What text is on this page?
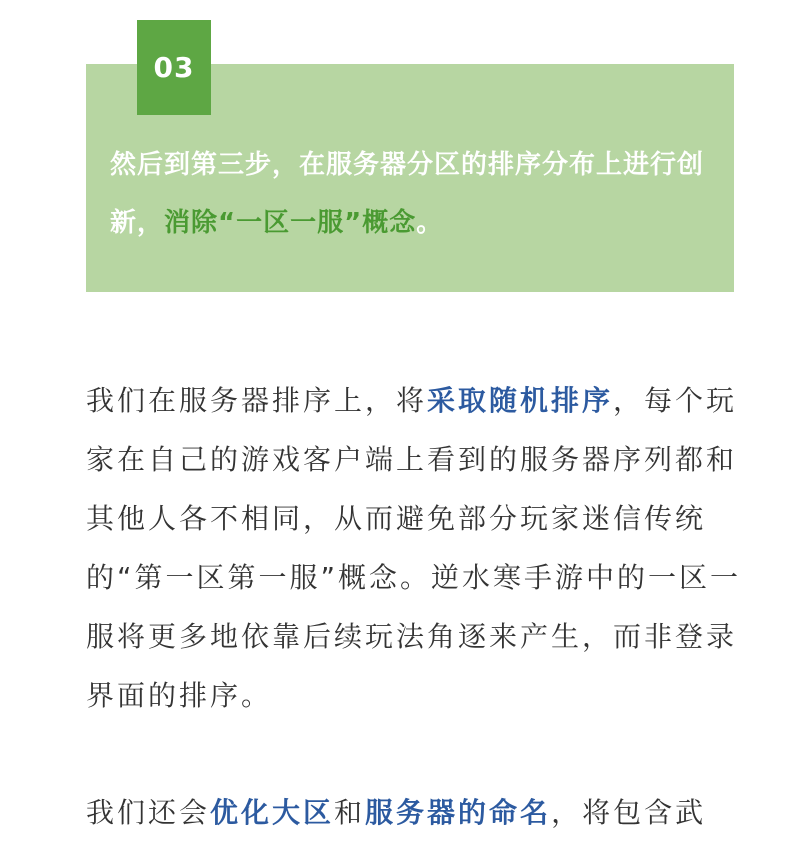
03
然后到第三步，在服务器分区的排序分布上进行创新，消除“一区一服”概念。
我们在服务器排序上，将采取随机排序，每个玩家在自己的游戏客户端上看到的服务器序列都和其他人各不相同，从而避免部分玩家迷信传统的“第一区第一服”概念。逆水寒手游中的一区一服将更多地依靠后续玩法角逐来产生，而非登录界面的排序。
我们还会优化大区和服务器的命名，将包含武
